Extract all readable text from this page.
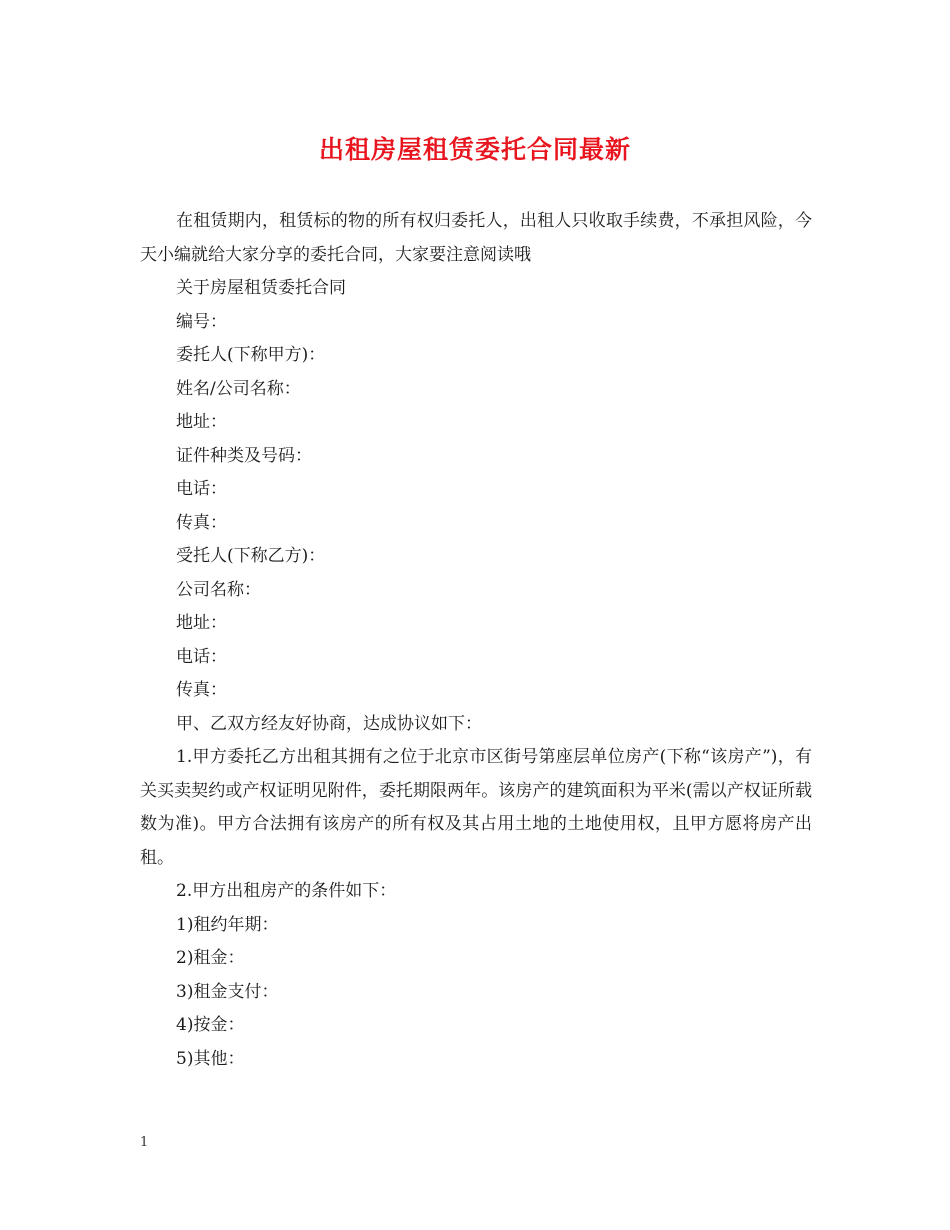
出租房屋租赁委托合同最新

在租赁期内，租赁标的物的所有权归委托人，出租人只收取手续费，不承担风险，今天小编就给大家分享的委托合同，大家要注意阅读哦

关于房屋租赁委托合同

编号：

委托人(下称甲方)：

姓名/公司名称：

地址：

证件种类及号码：

电话：

传真：

受托人(下称乙方)：

公司名称：

地址：

电话：

传真：

甲、乙双方经友好协商，达成协议如下：

1.甲方委托乙方出租其拥有之位于北京市区街号第座层单位房产(下称“该房产”)，有关买卖契约或产权证明见附件，委托期限两年。该房产的建筑面积为平米(需以产权证所载数为准)。甲方合法拥有该房产的所有权及其占用土地的土地使用权，且甲方愿将房产出租。

2.甲方出租房产的条件如下：

1)租约年期：

2)租金：

3)租金支付：

4)按金：

5)其他：

1
